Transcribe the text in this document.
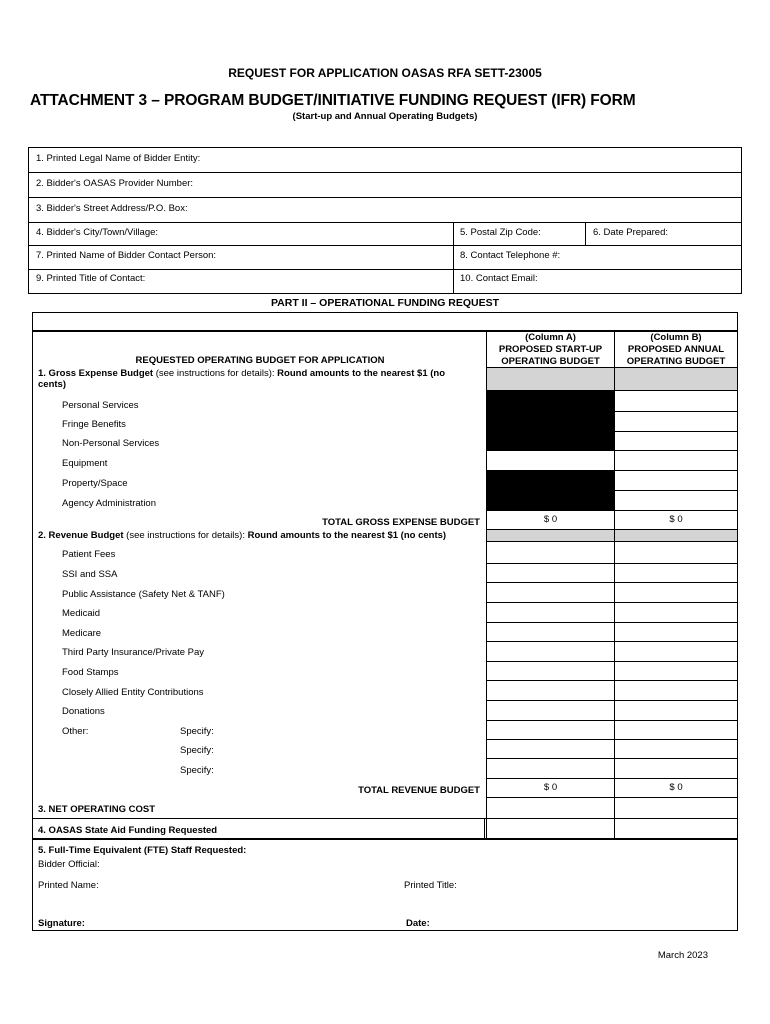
REQUEST FOR APPLICATION OASAS RFA SETT-23005
ATTACHMENT 3 – PROGRAM BUDGET/INITIATIVE FUNDING REQUEST (IFR) FORM
(Start-up and Annual Operating Budgets)
1. Printed Legal Name of Bidder Entity:
2. Bidder's OASAS Provider Number:
3. Bidder's Street Address/P.O. Box:
4. Bidder's City/Town/Village:	5. Postal Zip Code:	6. Date Prepared:
7. Printed Name of Bidder Contact Person:	8. Contact Telephone #:
9. Printed Title of Contact:	10. Contact Email:
PART II – OPERATIONAL FUNDING REQUEST
REQUESTED OPERATING BUDGET FOR APPLICATION
(Column A)
PROPOSED START-UP
OPERATING BUDGET
(Column B)
PROPOSED ANNUAL
OPERATING BUDGET
1. Gross Expense Budget (see instructions for details): Round amounts to the nearest $1 (no
cents)
Personal Services
Fringe Benefits
Non-Personal Services
Equipment
Property/Space
Agency Administration
TOTAL GROSS EXPENSE BUDGET	$ 0	$ 0
2. Revenue Budget (see instructions for details): Round amounts to the nearest $1 (no cents)
Patient Fees
SSI and SSA
Public Assistance (Safety Net & TANF)
Medicaid
Medicare
Third Party Insurance/Private Pay
Food Stamps
Closely Allied Entity Contributions
Donations
Other:	Specify:
Specify:
Specify:
TOTAL REVENUE BUDGET	$ 0	$ 0
3. NET OPERATING COST
4. OASAS State Aid Funding Requested
5. Full-Time Equivalent (FTE) Staff Requested:
Bidder Official:
Printed Name:	Printed Title:
Signature:	Date:
March 2023
